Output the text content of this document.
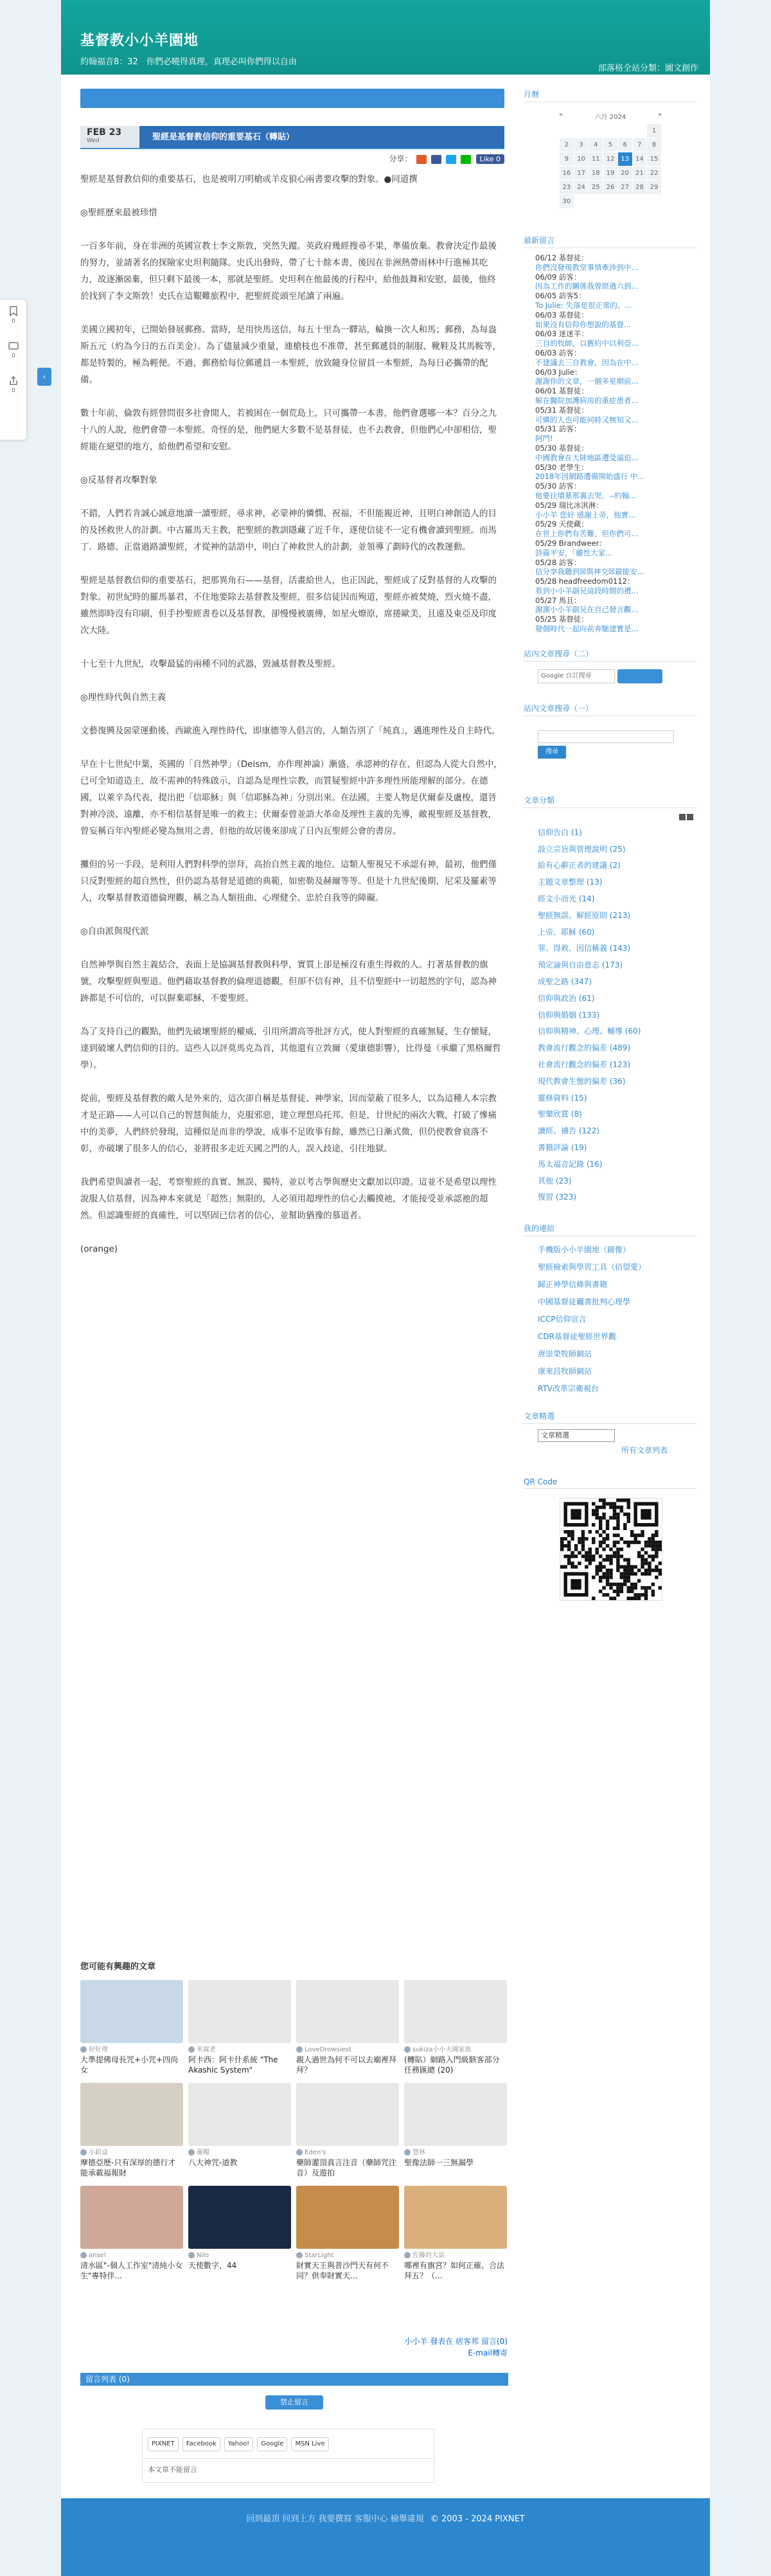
0
0
0
‹
基督教小小羊園地
約翰福音8：32　你們必曉得真理，真理必叫你們得以自由
部落格全站分類：圖文創作
FEB 23
Wed	聖經是基督教信仰的重要基石（轉貼）
分享：	Like 0

聖經是基督教信仰的重要基石，也是被明刀明槍或羊皮狼心兩書要攻擊的對象。●同道撰

◎聖經歷來最被珍惜

一百多年前，身在非洲的英國宣教士李文斯敦，突然失蹤。英政府幾經搜尋不果，準備放棄。教會決定作最後的努力，並請著名的探險家史坦利隨隊。史氏出發時，帶了七十餘本書，後因在非洲熱帶雨林中行進極其吃力，故逐漸☒棄，但只剩下最後一本，那就是聖經。史坦利在他最後的行程中，給他鼓舞和安慰，最後，他終於找到了李文斯敦！史氏在這艱難旅程中，把聖經從頭至尾讀了兩遍。

美國立國初年，已開始發展郵務。當時，是用快馬送信，每五十里為一驛站，輪換一次人和馬；郵務，為每盎斯五元（約為今日的五百美金）。為了儘量減少重量，連槍枝也不准帶，甚至郵遞員的制服、靴鞋及其馬鞍等，都是特製的，極為輕便。不過，郵務給每位郵遞員一本聖經，放致隨身位留員一本聖經，為每日必攜帶的配備。

數十年前，倫敦有經營問很多社會閒人，若被困在一個荒島上，只可攜帶一本書，他們會選哪一本？百分之九十八的人說，他們會帶一本聖經。奇怪的是，他們絕大多數不是基督徒，也不去教會，但他們心中卻相信，聖經能在絕望的地方，給他們希望和安慰。

◎反基督者攻擊對象

不錯，人們若肯誠心誠意地讀一讀聖經，尋求神，必蒙神的憐憫、祝福，不但能親近神，且明白神創造人的目的及拯救世人的計劃。中古羅馬天主教，把聖經的教訓隱藏了近千年，遂使信徒不一定有機會讀到聖經。而馬丁．路德、正當過路讀聖經，才從神的話語中，明白了神救世人的計劃，並領導了劃時代的改教運動。

聖經是基督教信仰的重要基石，把那異角石——基督，活畫給世人，也正因此，聖經成了反對基督的人攻擊的對象。初世紀時的羅馬暴君，不住地要除去基督教及聖經，很多信徒因而殉道，聖經亦被焚燒，烈火燒不盡，雖然即時沒有印刷，但手抄聖經書卷以及基督教，卻慢慢被廣傳，如星火燎原，席捲歐美，且遠及東亞及印度次大陸。

十七至十九世紀，攻擊最猛的兩種不同的武器，毀滅基督教及聖經。

◎理性時代與自然主義

文藝復興及☒蒙運動後，西歐進入理性時代，即康德等人倡言的，人類告別了「純真」，邁進理性及自主時代。

早在十七世紀中葉，英國的「自然神學」（Deism，亦作理神論）漸盛，承認神的存在，但認為人從大自然中，已可全知道造主，故不需神的特殊啟示，自認為是理性宗教，而質疑聖經中許多理性所能理解的部分。在德國，以萊辛為代表，提出把「信耶穌」與「信耶穌為神」分別出來。在法國，主要人物是伏爾泰及盧梭，還晉對神冷淡、遠離，亦不相信基督是唯一的救主；伏爾泰曾並語大革命及理性主義的先導，敵視聖經及基督教，曾妄稱百年內聖經必變為無用之書，但他的故居後來卻成了日內瓦聖經公會的書房。

攤但的另一手段，是利用人們對科學的崇拜，高抬自然主義的地位。這類人聖視兄不承認有神，最初，他們僅只反對聖經的超自然性，但仍認為基督是道德的典範，如密勒及赫爾等等。但是十九世紀後期，尼采及羅素等人，攻擊基督教道德倫理觀，稱之為人類扭曲、心理健全、忠於自我等的障礙。

◎自由派與現代派

自然神學與自然主義結合，表面上是協調基督教與科學，實質上卻是極沒有重生得救的人。打著基督教的旗號，攻擊聖經與聖道。他們藉取基督教的倫理道德觀，但卻不信有神，且不信聖經中一切超然的字句，認為神跡都是不可信的，可以摒棄耶穌，不要聖經。

為了支持自己的觀點，他們先破壞聖經的權威，引用所謂高等批評方式，使人對聖經的真確無疑，生存懷疑，達到破壞人們信仰的目的。這些人以評莫馬克為首，其他還有立敦爾（愛康德影響），比得曼（承繼了黑格爾哲學）。

從前，聖經及基督教的敵人是外來的，這次卻自稱是基督徒、神學家，因而蒙蔽了很多人，以為這種人本宗教才是正路——人可以自己的智慧與能力，克服邪惡，建立理想烏托邦。但是，廿世紀的兩次大戰，打破了慘痛中的美夢，人們終於發現，這種似是而非的學說，成事不足敗事有餘，雖然已日漸式微，但仍使教會衰落不彰，亦破壞了很多人的信心，並將很多走近天國之門的人，誤入歧途，引往地獄。

我們希望與讀者一起，考察聖經的真實、無誤、獨特，並以考古學與歷史文獻加以印證。這並不是希望以理性說服人信基督，因為神本來就是「超然」無限的，人必須用超理性的信心去觸摸祂，才能接受並承認祂的超然。但認識聖經的真確性，可以堅固已信者的信心，並幫助猶豫的慕道者。

(orange)

您可能有興趣的文章
好好理
大準提佛母長咒+小咒+四尚女
米霖老
阿卡西：阿卡什系統 "The Akashic System"
LoveDrowsiest
親人過世為何不可以去廟裡拜拜？
sukiza小小天國家族
(轉貼）網路入門級駭客部分任務匯總 (20)
小鋁盒
摩德亞歷-只有深厚的德行才能承載福報財
靈糧
八大神咒-道教
Eden's
藥師灌頂真言注音（藥師咒注音）及遊拍
慧林
聖像法師一三無漏學
ansel
清水區"-個人工作室"清純小女生"專特伴...
Nilo
天使數字，44
StarLight
財實天王與普沙門天有何不同？供奉財實天...
佐藤的大誌
哪裡有旗宮？如何正確、合法拜五？（...
小小羊 發表在 痞客邦 留言(0)
E-mail轉寄
留言列表 (0)
禁止留言
PIXNET	Facebook	Yahoo!	Google	MSN Live
本文章不能留言
回到最頂 回到上方 我要撰寫 客服中心 檢舉違規 © 2003 - 2024 PIXNET
月曆
«	六月 2024	»
						1
2	3	4	5	6	7	8
9	10	11	12	13	14	15
16	17	18	19	20	21	22
23	24	25	26	27	28	29
30						
最新留言
06/12 基督徒：
你們沒發現教堂事情牽涉到中...
06/09 訪客：
因為工作的關係我曾經過六到...
06/05 訪客5：
To Julie: 失落是很正常的。...
06/03 基督徒：
如果沒有信仰你想說的基督...
06/03 迷迷羊：
三自的牧師，以舊約中以利亞...
06/03 訪客：
不建議去三自教會，因為在中...
06/03 Julie：
謝謝你的文章，一個多星期前...
06/01 基督徒：
解在醫院加護病房的重症患者...
05/31 基督徒：
可憐的人也可能同時又無知又...
05/31 訪客：
阿門!
05/30 基督徒：
中國教會在大陸地區遭受逼迫...
05/30 老學生：
2018年因網路遭備開始盛行 中...
05/30 訪客：
他要往墳墓那裏去哭。--約翰...
05/29 瑞比冰淇淋：
小小羊 您好 感謝上帝，他實...
05/29 天使藏：
在世上你們有苦難，但你們可...
05/29 Brandweer：
詩篇平安，「雖性大家...
05/28 訪客：
信分享我聽到☒與神交☒最能安...
05/28 headfreedom0112：
看到小小羊副兄這段時間的禮...
05/27 馬且：
謝謝小小羊副兄在自己發言觀...
05/25 基督徒：
發個時代一起向前奔馳建實是...
站內文章搜尋（二）
Google 自訂搜尋
站內文章搜尋（一）
搜尋
文章分類
信仰告白 (1)
設立宗旨與管理說明 (25)
給有心辭正者的建議 (2)
主題文章整理 (13)
經文小而光 (14)
聖經無誤、解經原則 (213)
上帝、耶穌 (60)
罪、得救、因信稱義 (143)
預定論與自由意志 (173)
成聖之路 (347)
信仰與政治 (61)
信仰與婚姻 (133)
信仰與精神、心理、輔導 (60)
教會流行觀念的偏差 (489)
社會流行觀念的偏差 (123)
現代教會生態的偏差 (36)
靈修資料 (15)
聖樂欣賞 (8)
讀經、禱告 (122)
書籍評論 (19)
馬太福音記錄 (16)
其他 (23)
復習 (323)
我的連結
手機版小小羊園地（鏡像）
聖經檢索與學習工具（佰望愛）
歸正神學信條與書籍
中國基督徒覊書批判心理學
ICCP信仰宣言
CDR基督徒聖經世界觀
唐崇榮牧師網站
康來昌牧師網站
RTV改革宗衛視台
文章精選
文章精選
所有文章列表
QR Code
